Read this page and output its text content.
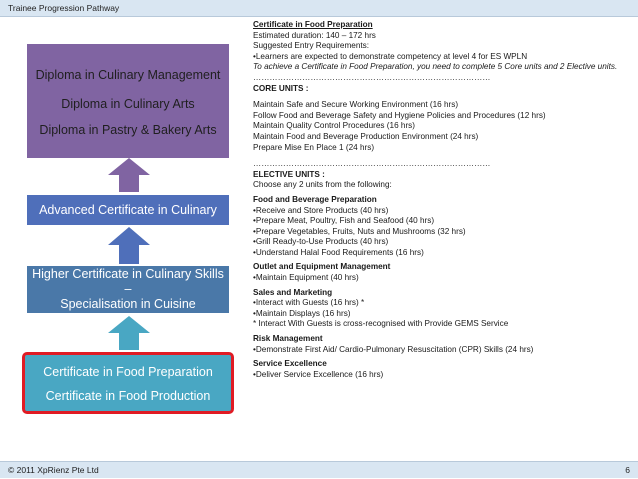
Trainee Progression Pathway
Diploma in Culinary Management
Diploma in Culinary Arts
Diploma in Pastry & Bakery Arts
Advanced Certificate in Culinary
Higher Certificate in Culinary Skills –
Specialisation in Cuisine
Certificate in Food Preparation
Certificate in Food Production
Certificate in Food Preparation
Estimated duration: 140 – 172 hrs
Suggested Entry Requirements:
•Learners are expected to demonstrate competency at level 4 for ES WPLN
To achieve a Certificate in Food Preparation, you need to complete 5 Core units and 2 Elective units.
……………………………………………………………………………
CORE UNITS :
Maintain Safe and Secure Working Environment (16 hrs)
Follow Food and Beverage Safety and Hygiene Policies and Procedures (12 hrs)
Maintain Quality Control Procedures (16 hrs)
Maintain Food and Beverage Production Environment (24 hrs)
Prepare Mise En Place 1 (24 hrs)
……………………………………………………………………………
ELECTIVE UNITS :
Choose any 2 units from the following:
Food and Beverage Preparation
•Receive and Store Products (40 hrs)
•Prepare Meat, Poultry, Fish and Seafood (40 hrs)
•Prepare Vegetables, Fruits, Nuts and Mushrooms (32 hrs)
•Grill Ready-to-Use Products (40 hrs)
•Understand Halal Food Requirements (16 hrs)
Outlet and Equipment Management
•Maintain Equipment (40 hrs)
Sales and Marketing
•Interact with Guests (16 hrs) *
•Maintain Displays (16 hrs)
* Interact With Guests is cross-recognised with Provide GEMS Service
Risk Management
•Demonstrate First Aid/ Cardio-Pulmonary Resuscitation (CPR) Skills (24 hrs)
Service Excellence
•Deliver Service Excellence (16 hrs)
© 2011 XpRienz Pte Ltd	6
